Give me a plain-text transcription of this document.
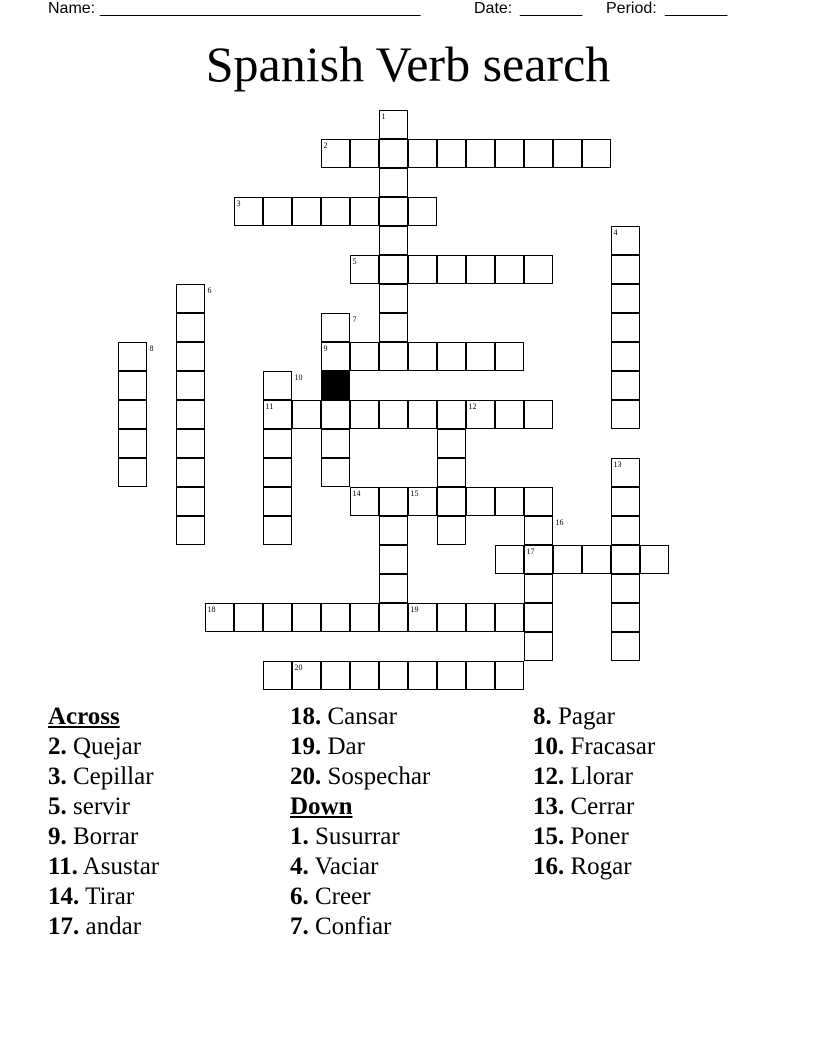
Name:

____________________________________

	Date:

_______

Period:

_______

Spanish Verb search
1
2
3
4
5
6
7
8	9
10
11	12
13
14	15
16
17
18	19
20
Across
2. Quejar
3. Cepillar
5. servir
9. Borrar
11. Asustar
14. Tirar
17. andar
18. Cansar
19. Dar
20. Sospechar
Down
1. Susurrar
4. Vaciar
6. Creer
7. Confiar
8. Pagar
10. Fracasar
12. Llorar
13. Cerrar
15. Poner
16. Rogar
